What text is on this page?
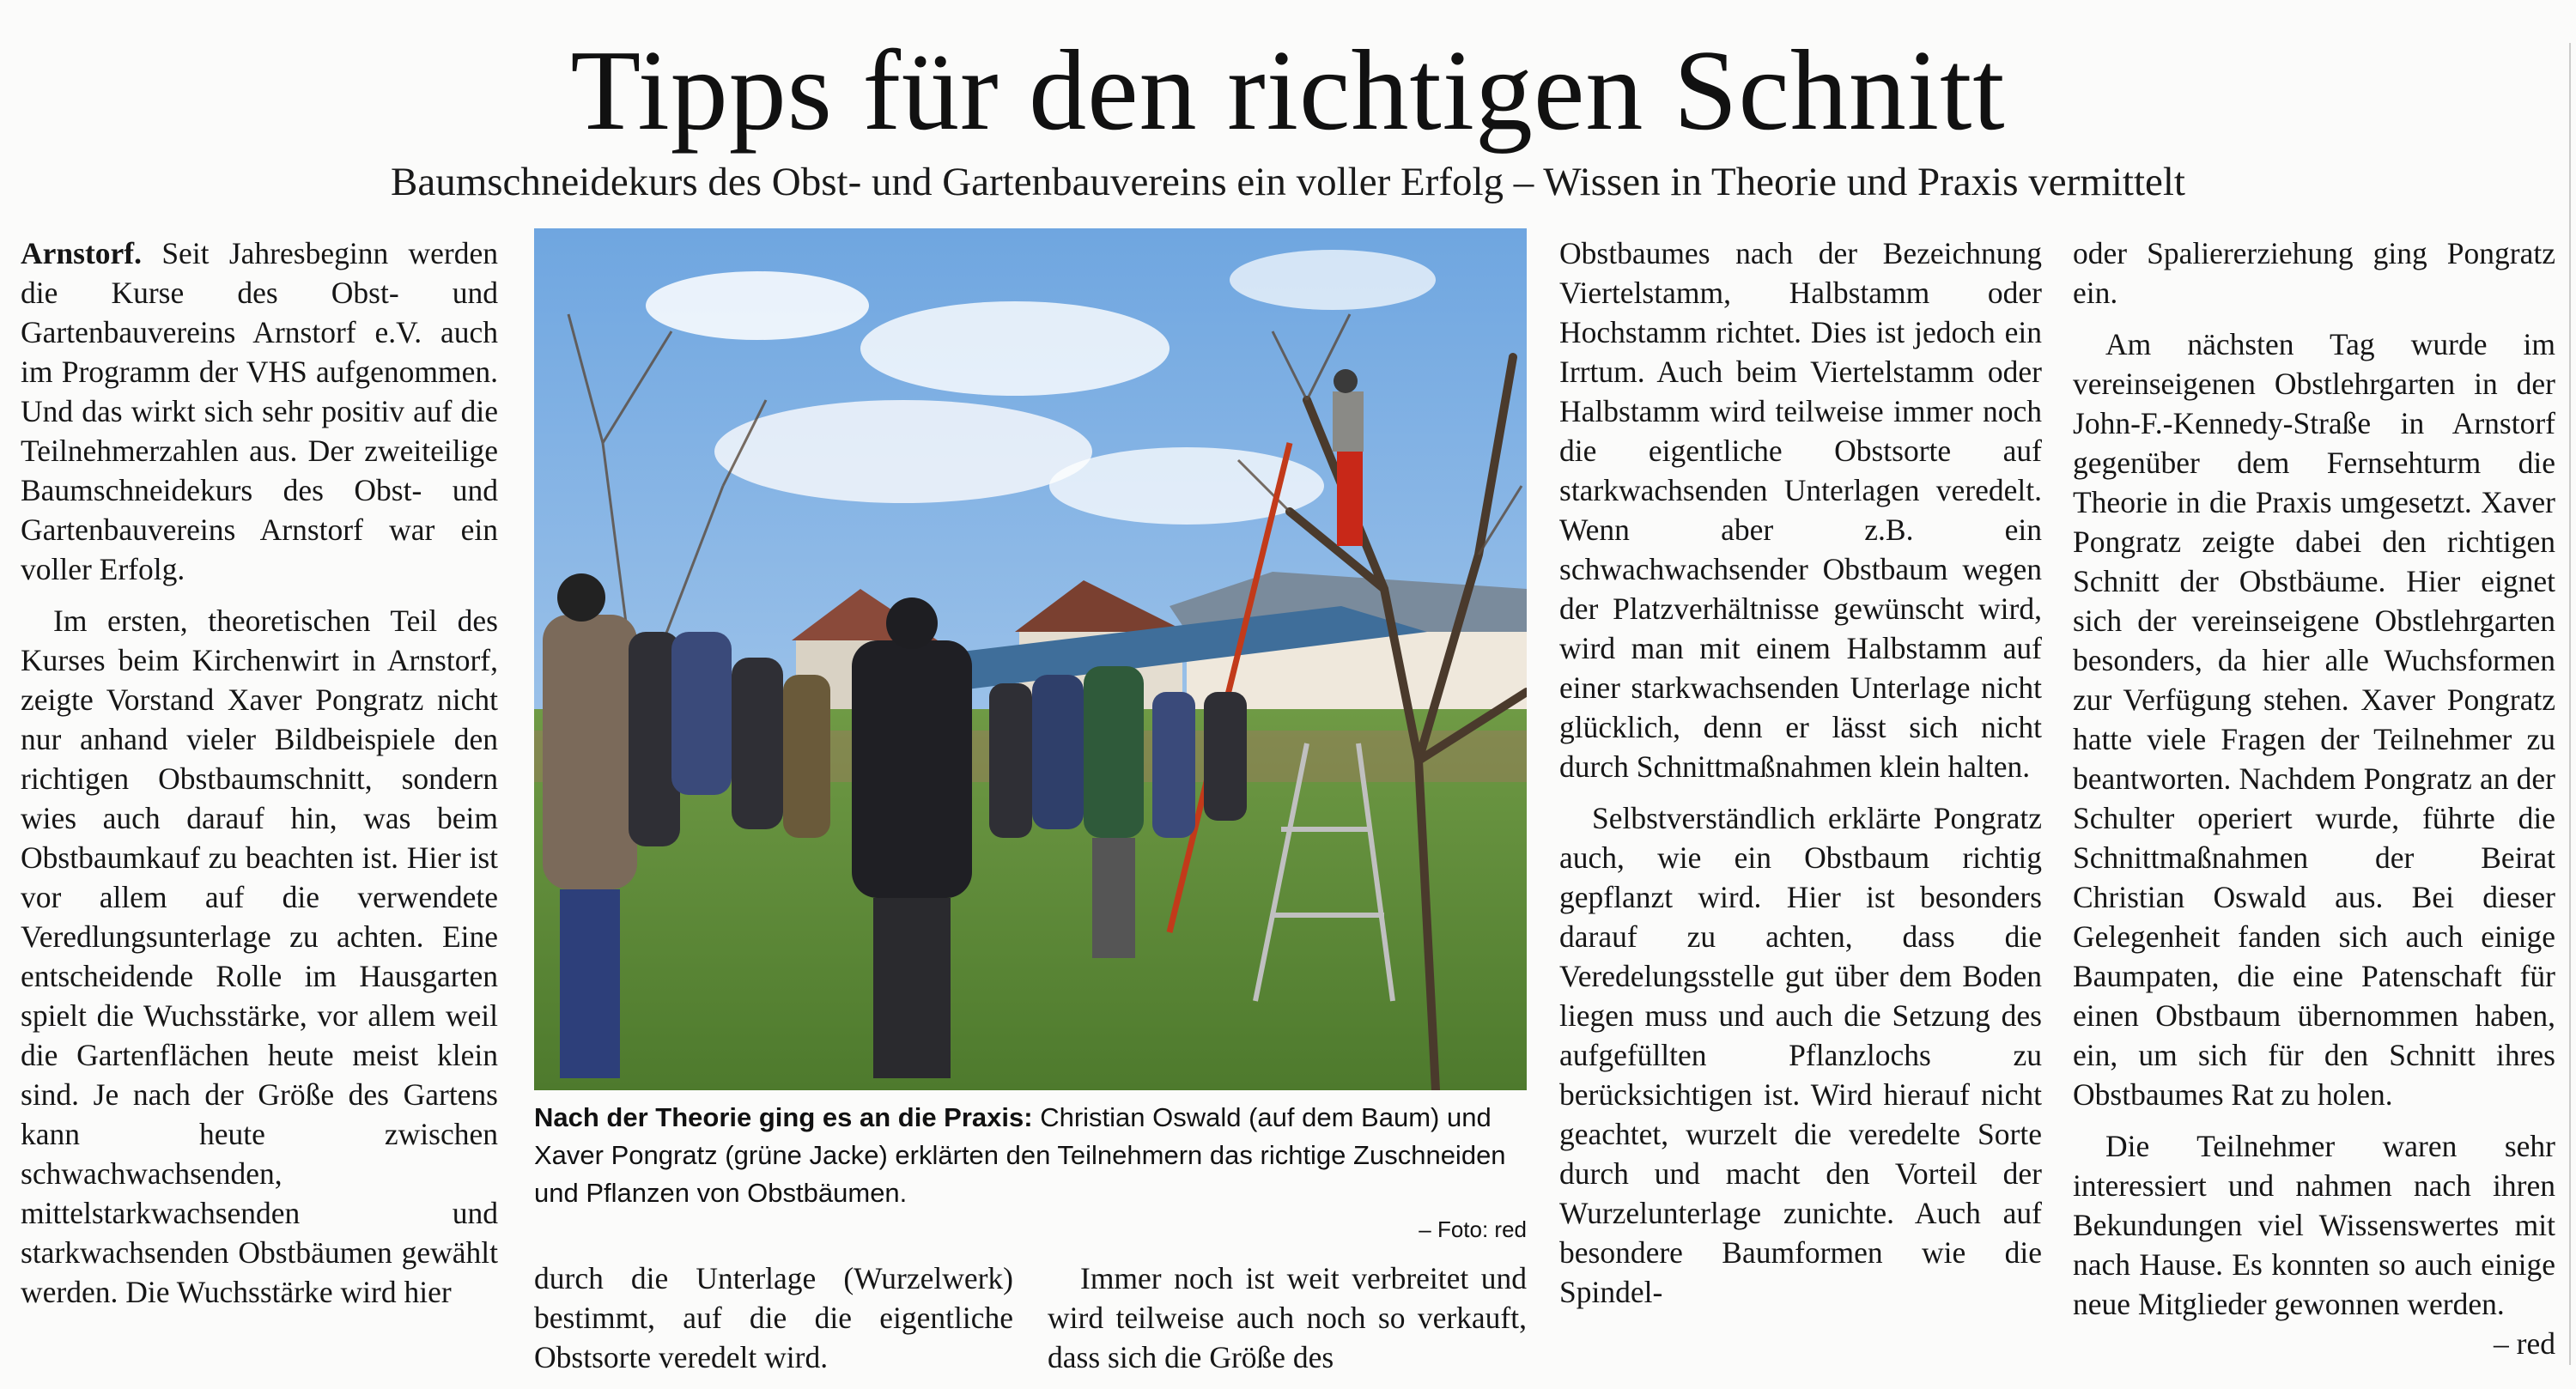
Tipps für den richtigen Schnitt
Baumschneidekurs des Obst- und Gartenbauvereins ein voller Erfolg – Wissen in Theorie und Praxis vermittelt

Arnstorf. Seit Jahresbeginn werden die Kurse des Obst- und Gartenbauvereins Arnstorf e.V. auch im Programm der VHS aufgenommen. Und das wirkt sich sehr positiv auf die Teilnehmerzahlen aus. Der zweiteilige Baumschneidekurs des Obst- und Gartenbauvereins Arnstorf war ein voller Erfolg.

Im ersten, theoretischen Teil des Kurses beim Kirchenwirt in Arnstorf, zeigte Vorstand Xaver Pongratz nicht nur anhand vieler Bildbeispiele den richtigen Obstbaumschnitt, sondern wies auch darauf hin, was beim Obstbaumkauf zu beachten ist. Hier ist vor allem auf die verwendete Veredlungsunterlage zu achten. Eine entscheidende Rolle im Hausgarten spielt die Wuchsstärke, vor allem weil die Gartenflächen heute meist klein sind. Je nach der Größe des Gartens kann heute zwischen schwachwachsenden, mittelstarkwachsenden und starkwachsenden Obstbäumen gewählt werden. Die Wuchsstärke wird hier

Nach der Theorie ging es an die Praxis: Christian Oswald (auf dem Baum) und Xaver Pongratz (grüne Jacke) erklärten den Teilnehmern das richtige Zuschneiden und Pflanzen von Obstbäumen.
– Foto: red

durch die Unterlage (Wurzelwerk) bestimmt, auf die die eigentliche Obstsorte veredelt wird.

Immer noch ist weit verbreitet und wird teilweise auch noch so verkauft, dass sich die Größe des

Obstbaumes nach der Bezeichnung Viertelstamm, Halbstamm oder Hochstamm richtet. Dies ist jedoch ein Irrtum. Auch beim Viertelstamm oder Halbstamm wird teilweise immer noch die eigentliche Obstsorte auf starkwachsenden Unterlagen veredelt. Wenn aber z.B. ein schwachwachsender Obstbaum wegen der Platzverhältnisse gewünscht wird, wird man mit einem Halbstamm auf einer starkwachsenden Unterlage nicht glücklich, denn er lässt sich nicht durch Schnittmaßnahmen klein halten.

Selbstverständlich erklärte Pongratz auch, wie ein Obstbaum richtig gepflanzt wird. Hier ist besonders darauf zu achten, dass die Veredelungsstelle gut über dem Boden liegen muss und auch die Setzung des aufgefüllten Pflanzlochs zu berücksichtigen ist. Wird hierauf nicht geachtet, wurzelt die veredelte Sorte durch und macht den Vorteil der Wurzelunterlage zunichte. Auch auf besondere Baumformen wie die Spindel-

oder Spaliererziehung ging Pongratz ein.

Am nächsten Tag wurde im vereinseigenen Obstlehrgarten in der John-F.-Kennedy-Straße in Arnstorf gegenüber dem Fernsehturm die Theorie in die Praxis umgesetzt. Xaver Pongratz zeigte dabei den richtigen Schnitt der Obstbäume. Hier eignet sich der vereinseigene Obstlehrgarten besonders, da hier alle Wuchsformen zur Verfügung stehen. Xaver Pongratz hatte viele Fragen der Teilnehmer zu beantworten. Nachdem Pongratz an der Schulter operiert wurde, führte die Schnittmaßnahmen der Beirat Christian Oswald aus. Bei dieser Gelegenheit fanden sich auch einige Baumpaten, die eine Patenschaft für einen Obstbaum übernommen haben, ein, um sich für den Schnitt ihres Obstbaumes Rat zu holen.

Die Teilnehmer waren sehr interessiert und nahmen nach ihren Bekundungen viel Wissenswertes mit nach Hause. Es konnten so auch einige neue Mitglieder gewonnen werden.
– red
